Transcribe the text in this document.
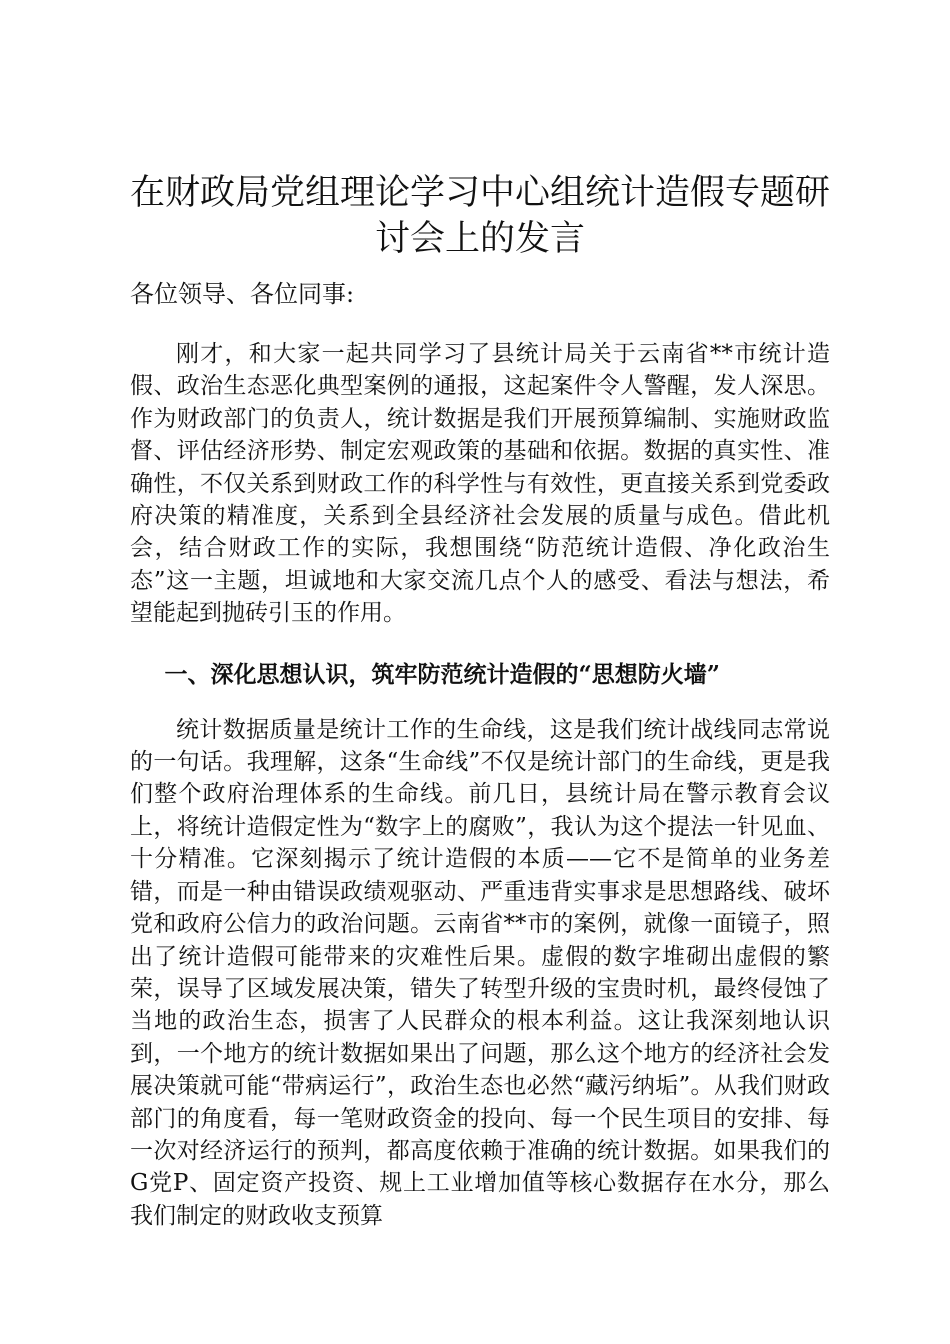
在财政局党组理论学习中心组统计造假专题研讨会上的发言

各位领导、各位同事:

刚才，和大家一起共同学习了县统计局关于云南省**市统计造假、政治生态恶化典型案例的通报，这起案件令人警醒，发人深思。作为财政部门的负责人，统计数据是我们开展预算编制、实施财政监督、评估经济形势、制定宏观政策的基础和依据。数据的真实性、准确性，不仅关系到财政工作的科学性与有效性，更直接关系到党委政府决策的精准度，关系到全县经济社会发展的质量与成色。借此机会，结合财政工作的实际，我想围绕“防范统计造假、净化政治生态”这一主题，坦诚地和大家交流几点个人的感受、看法与想法，希望能起到抛砖引玉的作用。

一、深化思想认识，筑牢防范统计造假的“思想防火墙”

统计数据质量是统计工作的生命线，这是我们统计战线同志常说的一句话。我理解，这条“生命线”不仅是统计部门的生命线，更是我们整个政府治理体系的生命线。前几日，县统计局在警示教育会议上，将统计造假定性为“数字上的腐败”，我认为这个提法一针见血、十分精准。它深刻揭示了统计造假的本质——它不是简单的业务差错，而是一种由错误政绩观驱动、严重违背实事求是思想路线、破坏党和政府公信力的政治问题。云南省**市的案例，就像一面镜子，照出了统计造假可能带来的灾难性后果。虚假的数字堆砌出虚假的繁荣，误导了区域发展决策，错失了转型升级的宝贵时机，最终侵蚀了当地的政治生态，损害了人民群众的根本利益。这让我深刻地认识到，一个地方的统计数据如果出了问题，那么这个地方的经济社会发展决策就可能“带病运行”，政治生态也必然“藏污纳垢”。从我们财政部门的角度看，每一笔财政资金的投向、每一个民生项目的安排、每一次对经济运行的预判，都高度依赖于准确的统计数据。如果我们的G党P、固定资产投资、规上工业增加值等核心数据存在水分，那么我们制定的财政收支预算
